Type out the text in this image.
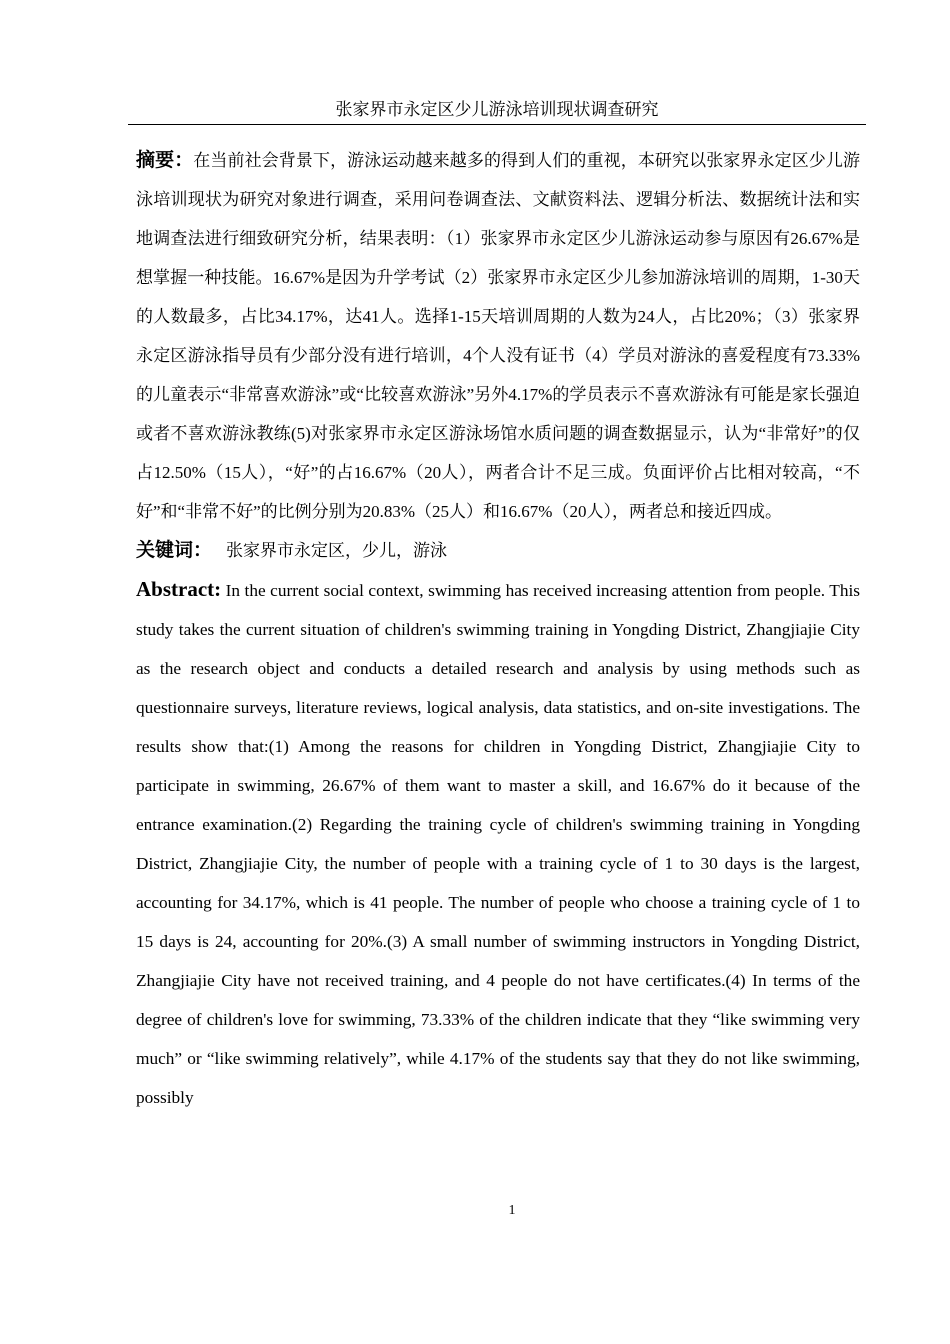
张家界市永定区少儿游泳培训现状调查研究

摘要：在当前社会背景下，游泳运动越来越多的得到人们的重视，本研究以张家界永定区少儿游泳培训现状为研究对象进行调查，采用问卷调查法、文献资料法、逻辑分析法、数据统计法和实地调查法进行细致研究分析，结果表明：（1）张家界市永定区少儿游泳运动参与原因有26.67%是想掌握一种技能。16.67%是因为升学考试（2）张家界市永定区少儿参加游泳培训的周期，1-30天的人数最多，占比34.17%，达41人。选择1-15天培训周期的人数为24人，占比20%；（3）张家界永定区游泳指导员有少部分没有进行培训，4个人没有证书（4）学员对游泳的喜爱程度有73.33%的儿童表示“非常喜欢游泳”或“比较喜欢游泳”另外4.17%的学员表示不喜欢游泳有可能是家长强迫或者不喜欢游泳教练(5)对张家界市永定区游泳场馆水质问题的调查数据显示，认为“非常好”的仅占12.50%（15人），“好”的占16.67%（20人），两者合计不足三成。负面评价占比相对较高，“不好”和“非常不好”的比例分别为20.83%（25人）和16.67%（20人），两者总和接近四成。

关键词： 张家界市永定区，少儿，游泳

Abstract: In the current social context, swimming has received increasing attention from people. This study takes the current situation of children's swimming training in Yongding District, Zhangjiajie City as the research object and conducts a detailed research and analysis by using methods such as questionnaire surveys, literature reviews, logical analysis, data statistics, and on-site investigations. The results show that:(1) Among the reasons for children in Yongding District, Zhangjiajie City to participate in swimming, 26.67% of them want to master a skill, and 16.67% do it because of the entrance examination.(2) Regarding the training cycle of children's swimming training in Yongding District, Zhangjiajie City, the number of people with a training cycle of 1 to 30 days is the largest, accounting for 34.17%, which is 41 people. The number of people who choose a training cycle of 1 to 15 days is 24, accounting for 20%.(3) A small number of swimming instructors in Yongding District, Zhangjiajie City have not received training, and 4 people do not have certificates.(4) In terms of the degree of children's love for swimming, 73.33% of the children indicate that they “like swimming very much” or “like swimming relatively”, while 4.17% of the students say that they do not like swimming, possibly

1
